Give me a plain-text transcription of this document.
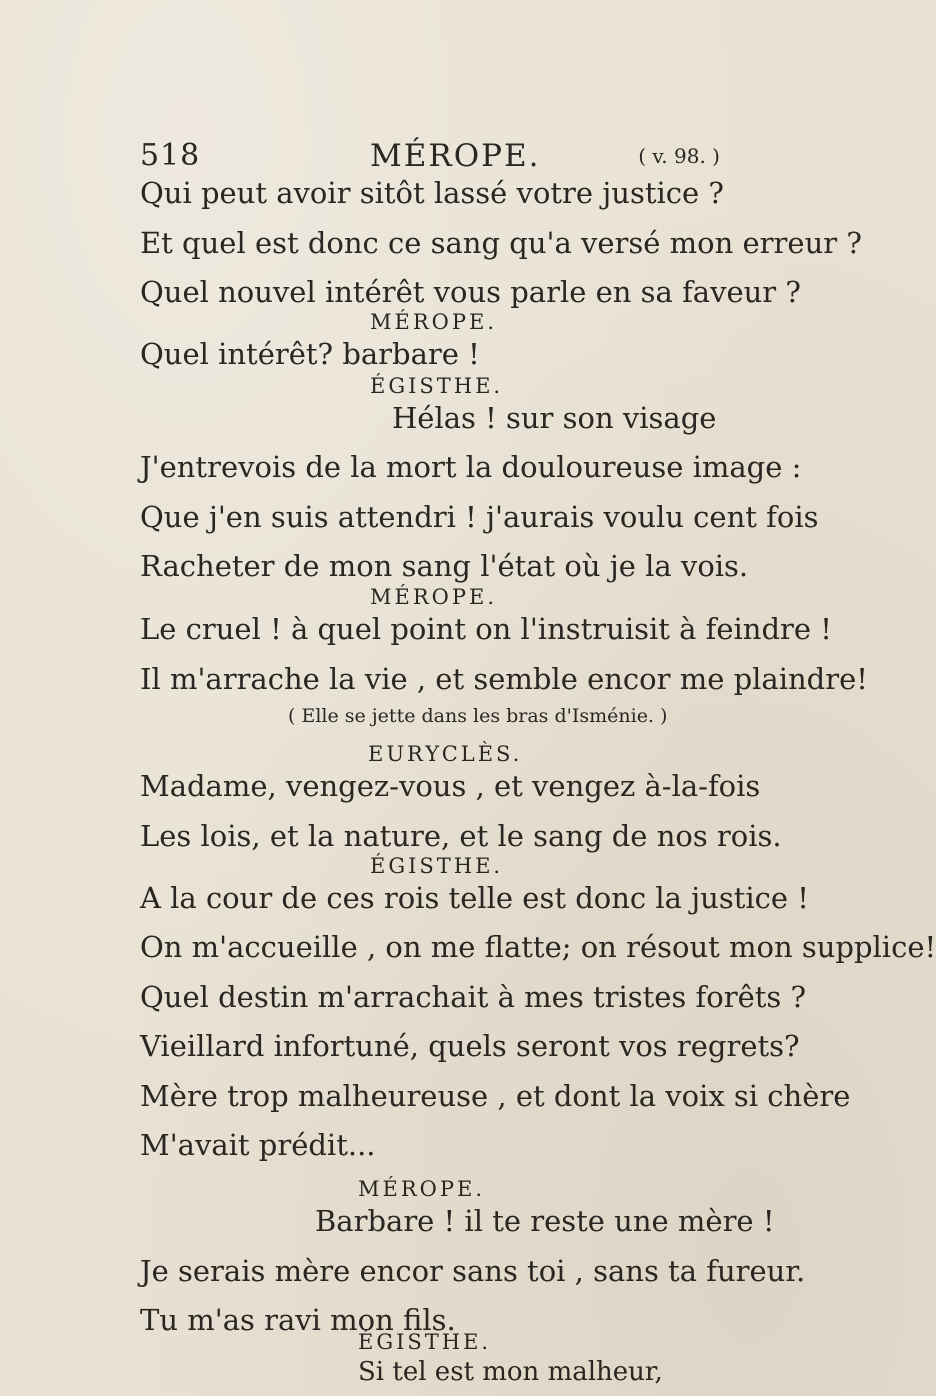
518	MÉROPE.	( v. 98. )
Qui peut avoir sitôt lassé votre justice ?
Et quel est donc ce sang qu'a versé mon erreur ?
Quel nouvel intérêt vous parle en sa faveur ?
MÉROPE.
Quel intérêt? barbare !
ÉGISTHE.
Hélas ! sur son visage
J'entrevois de la mort la douloureuse image :
Que j'en suis attendri ! j'aurais voulu cent fois
Racheter de mon sang l'état où je la vois.
MÉROPE.
Le cruel ! à quel point on l'instruisit à feindre !
Il m'arrache la vie , et semble encor me plaindre!
( Elle se jette dans les bras d'Isménie. )
EURYCLÈS.
Madame, vengez-vous , et vengez à-la-fois
Les lois, et la nature, et le sang de nos rois.
ÉGISTHE.
A la cour de ces rois telle est donc la justice !
On m'accueille , on me flatte; on résout mon supplice!
Quel destin m'arrachait à mes tristes forêts ?
Vieillard infortuné, quels seront vos regrets?
Mère trop malheureuse , et dont la voix si chère
M'avait prédit...
MÉROPE.
Barbare ! il te reste une mère !
Je serais mère encor sans toi , sans ta fureur.
Tu m'as ravi mon fils.
ÉGISTHE.
Si tel est mon malheur,
